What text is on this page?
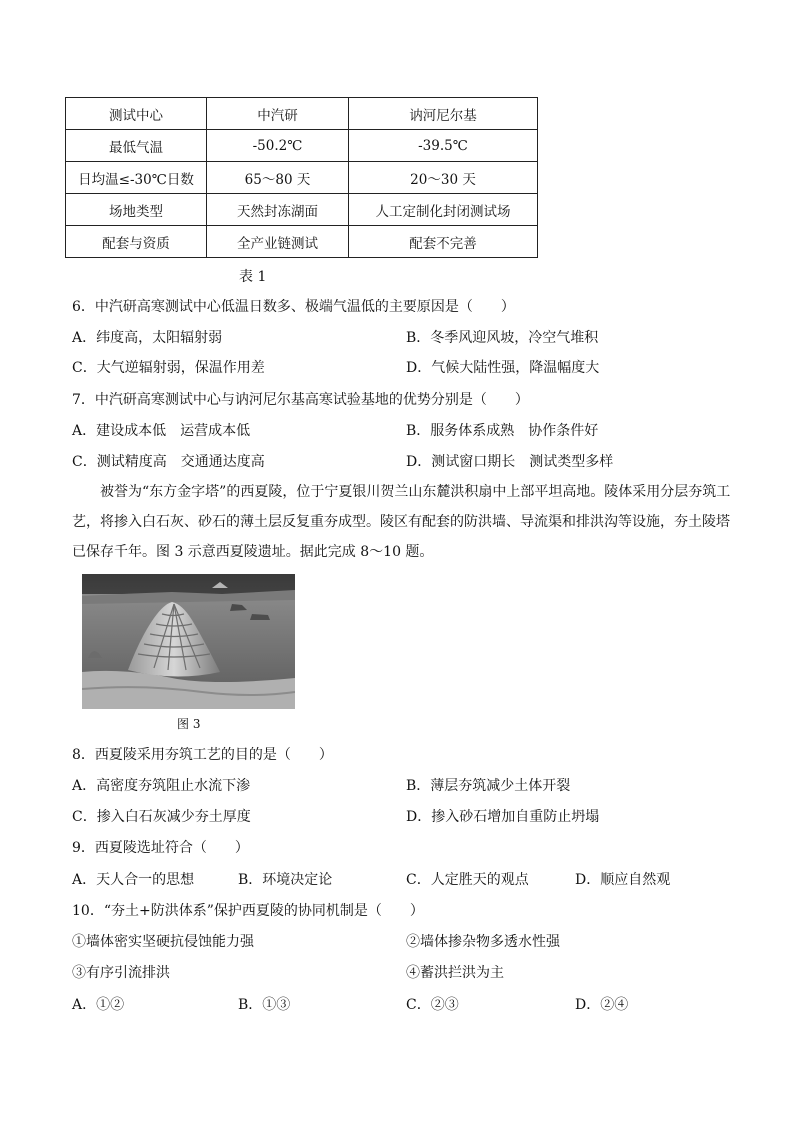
测试中心	中汽研	讷河尼尔基
最低气温	-50.2℃	-39.5℃
日均温≤-30℃日数	65～80 天	20～30 天
场地类型	天然封冻湖面	人工定制化封闭测试场
配套与资质	全产业链测试	配套不完善
表 1
6．中汽研高寒测试中心低温日数多、极端气温低的主要原因是（　　）
A．纬度高，太阳辐射弱	B．冬季风迎风坡，冷空气堆积
C．大气逆辐射弱，保温作用差	D．气候大陆性强，降温幅度大
7．中汽研高寒测试中心与讷河尼尔基高寒试验基地的优势分别是（　　）
A．建设成本低　运营成本低	B．服务体系成熟　协作条件好
C．测试精度高　交通通达度高	D．测试窗口期长　测试类型多样
被誉为“东方金字塔”的西夏陵，位于宁夏银川贺兰山东麓洪积扇中上部平坦高地。陵体采用分层夯筑工艺，将掺入白石灰、砂石的薄土层反复重夯成型。陵区有配套的防洪墙、导流渠和排洪沟等设施，夯土陵塔已保存千年。图 3 示意西夏陵遗址。据此完成 8～10 题。
图 3
8．西夏陵采用夯筑工艺的目的是（　　）
A．高密度夯筑阻止水流下渗	B．薄层夯筑减少土体开裂
C．掺入白石灰减少夯土厚度	D．掺入砂石增加自重防止坍塌
9．西夏陵选址符合（　　）
A．天人合一的思想	B．环境决定论	C．人定胜天的观点	D．顺应自然观
10．“夯土+防洪体系”保护西夏陵的协同机制是（　　）
①墙体密实坚硬抗侵蚀能力强	②墙体掺杂物多透水性强
③有序引流排洪	④蓄洪拦洪为主
A．①②	B．①③	C．②③	D．②④
